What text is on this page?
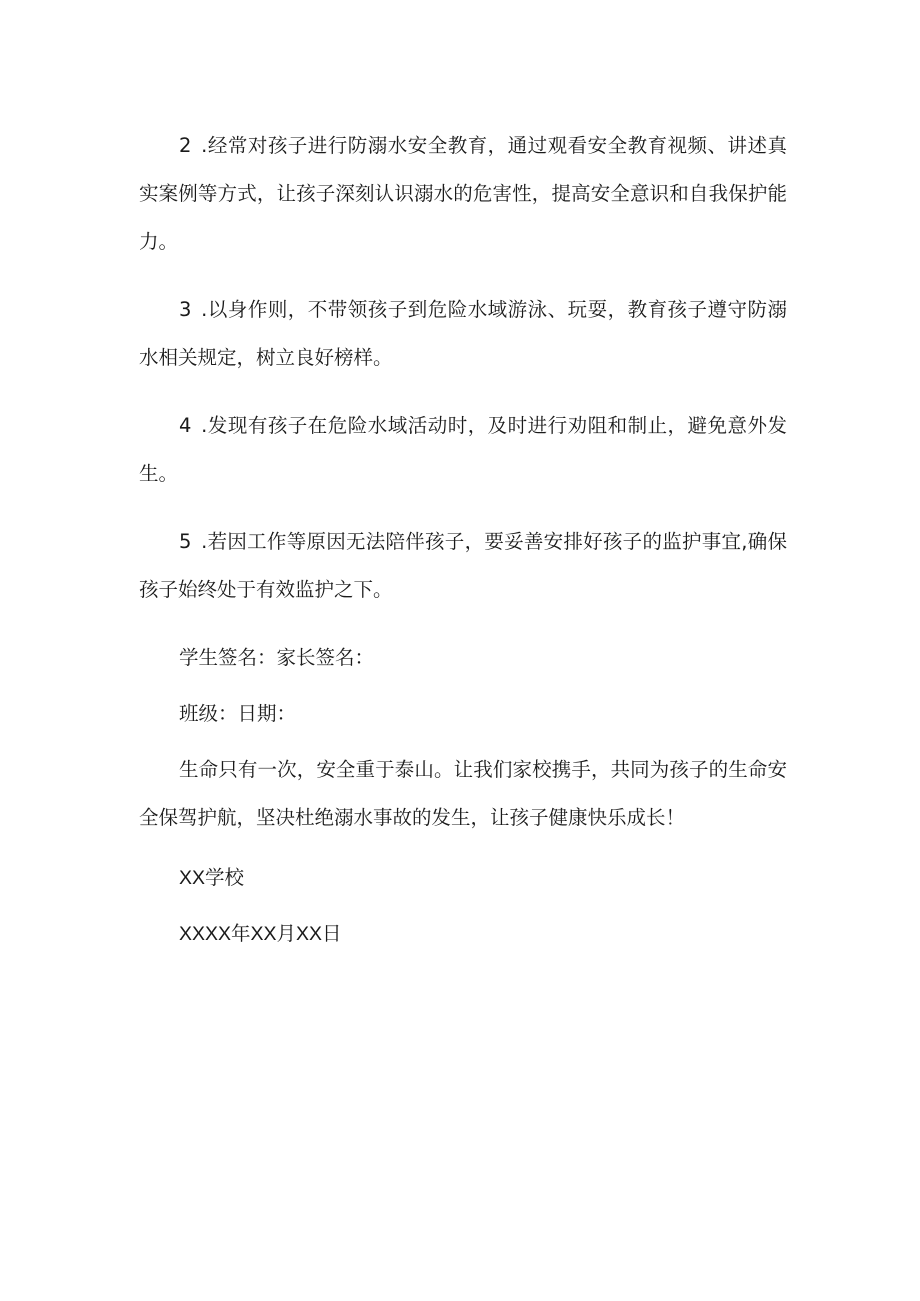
2  .经常对孩子进行防溺水安全教育，通过观看安全教育视频、讲述真实案例等方式，让孩子深刻认识溺水的危害性，提高安全意识和自我保护能力。

3  .以身作则，不带领孩子到危险水域游泳、玩耍，教育孩子遵守防溺水相关规定，树立良好榜样。

4  .发现有孩子在危险水域活动时，及时进行劝阻和制止，避免意外发生。

5  .若因工作等原因无法陪伴孩子，要妥善安排好孩子的监护事宜,确保孩子始终处于有效监护之下。

学生签名：家长签名：

班级：日期：

生命只有一次，安全重于泰山。让我们家校携手，共同为孩子的生命安全保驾护航，坚决杜绝溺水事故的发生，让孩子健康快乐成长！

XX学校

XXXX年XX月XX日
